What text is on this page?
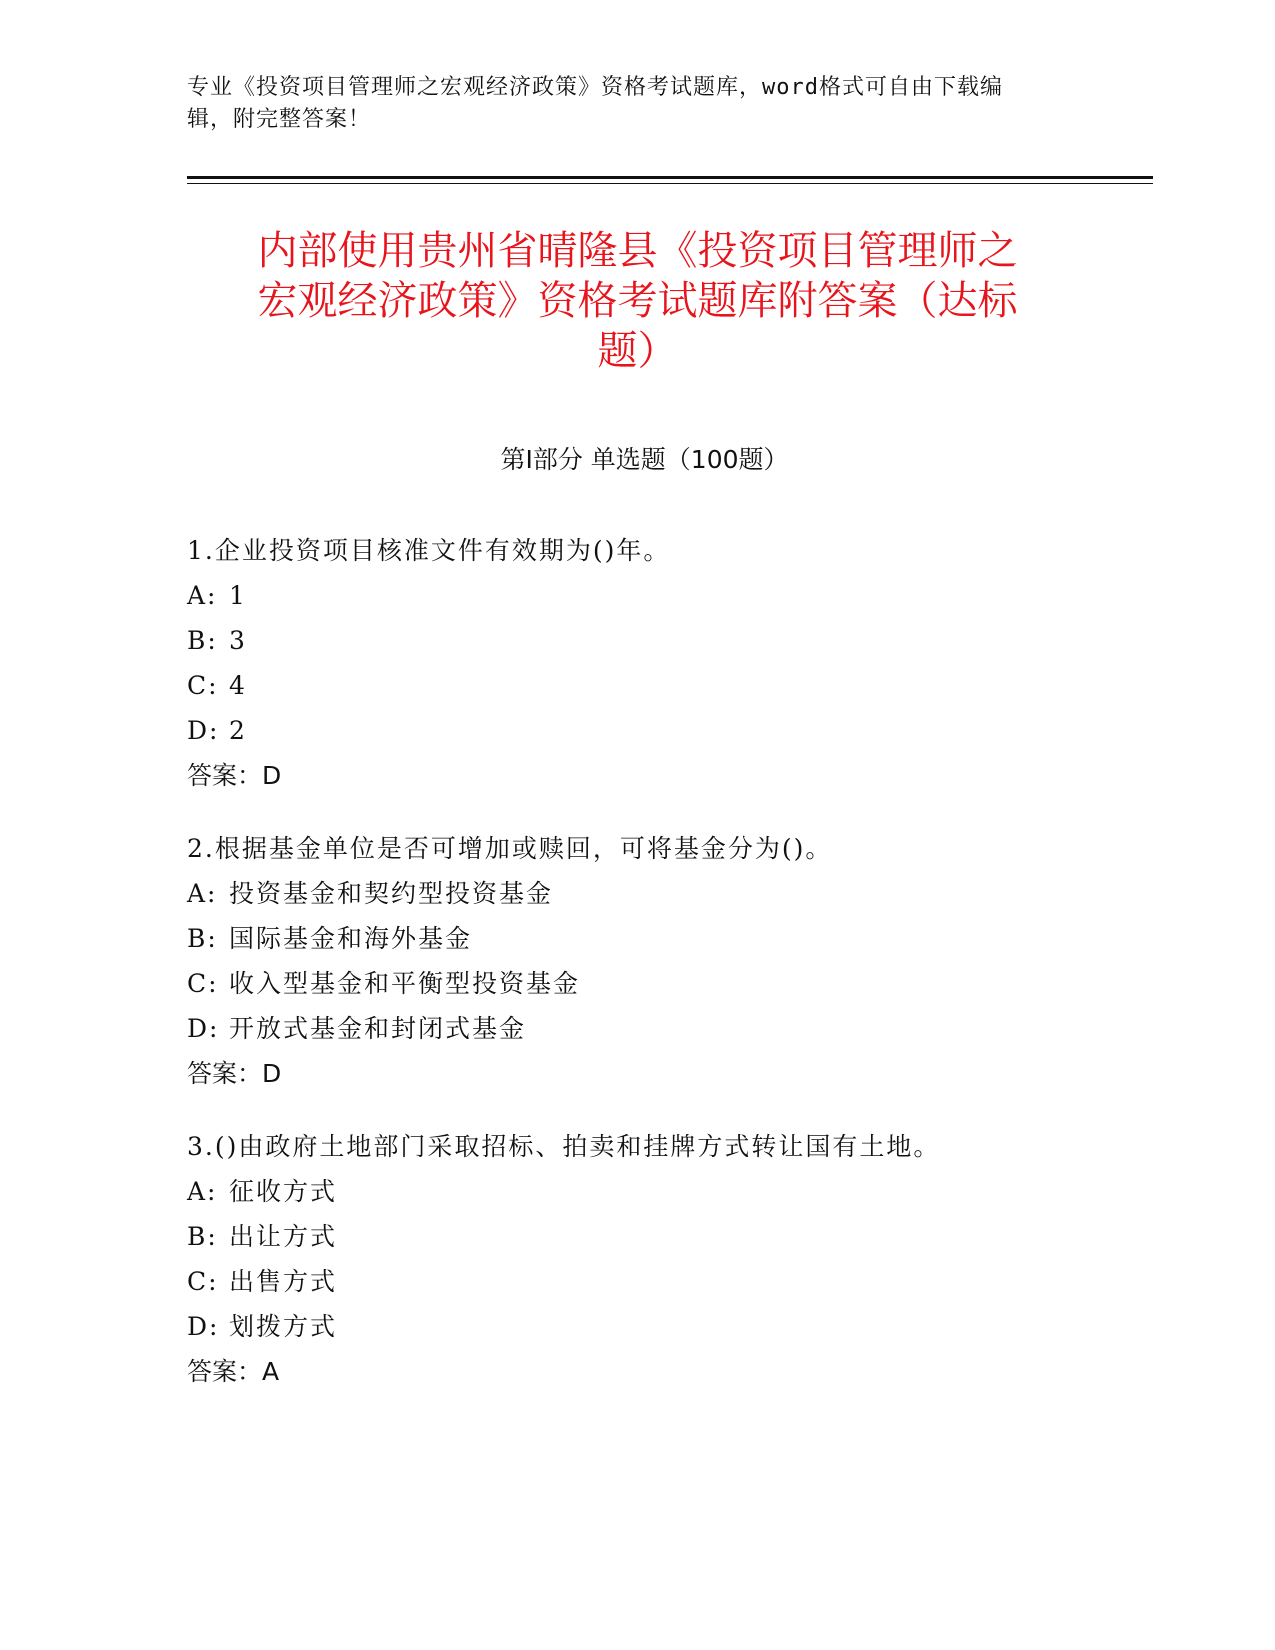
专业《投资项目管理师之宏观经济政策》资格考试题库，word格式可自由下载编
辑，附完整答案！
内部使用贵州省晴隆县《投资项目管理师之
宏观经济政策》资格考试题库附答案（达标
题）
第Ⅰ部分 单选题（100题）
1.企业投资项目核准文件有效期为()年。
A: 1
B: 3
C: 4
D: 2
答案：D
2.根据基金单位是否可增加或赎回，可将基金分为()。
A: 投资基金和契约型投资基金
B: 国际基金和海外基金
C: 收入型基金和平衡型投资基金
D: 开放式基金和封闭式基金
答案：D
3.()由政府土地部门采取招标、拍卖和挂牌方式转让国有土地。
A: 征收方式
B: 出让方式
C: 出售方式
D: 划拨方式
答案：A
